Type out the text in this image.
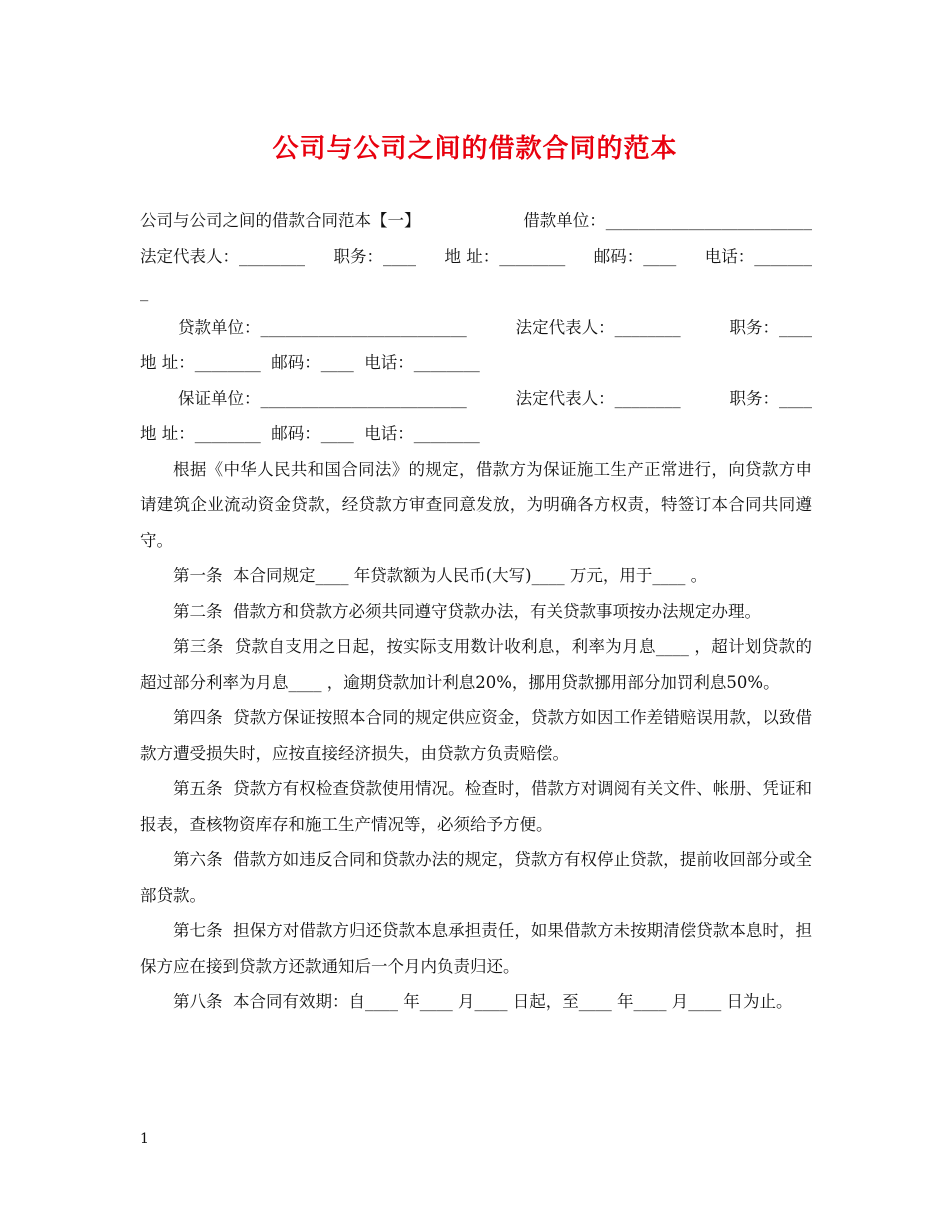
公司与公司之间的借款合同的范本
公司与公司之间的借款合同范本【一】	借款单位：_________________________
法定代表人：________ 职务：____ 地 址：________ 邮码：____ 电话：_______
_
贷款单位：_________________________	法定代表人：________	职务：____
地 址：________  邮码：____  电话：________
保证单位：_________________________	法定代表人：________	职务：____
地 址：________  邮码：____  电话：________

根据《中华人民共和国合同法》的规定，借款方为保证施工生产正常进行，向贷款方申请建筑企业流动资金贷款，经贷款方审查同意发放，为明确各方权责，特签订本合同共同遵守。

第一条  本合同规定____ 年贷款额为人民币(大写)____ 万元，用于____ 。

第二条  借款方和贷款方必须共同遵守贷款办法，有关贷款事项按办法规定办理。

第三条  贷款自支用之日起，按实际支用数计收利息，利率为月息____ ，超计划贷款的超过部分利率为月息____ ，逾期贷款加计利息20%，挪用贷款挪用部分加罚利息50%。

第四条  贷款方保证按照本合同的规定供应资金，贷款方如因工作差错赔误用款，以致借款方遭受损失时，应按直接经济损失，由贷款方负责赔偿。

第五条  贷款方有权检查贷款使用情况。检查时，借款方对调阅有关文件、帐册、凭证和报表，查核物资库存和施工生产情况等，必须给予方便。

第六条  借款方如违反合同和贷款办法的规定，贷款方有权停止贷款，提前收回部分或全部贷款。

第七条  担保方对借款方归还贷款本息承担责任，如果借款方未按期清偿贷款本息时，担保方应在接到贷款方还款通知后一个月内负责归还。

第八条  本合同有效期：自____ 年____ 月____ 日起，至____ 年____ 月____ 日为止。

1
